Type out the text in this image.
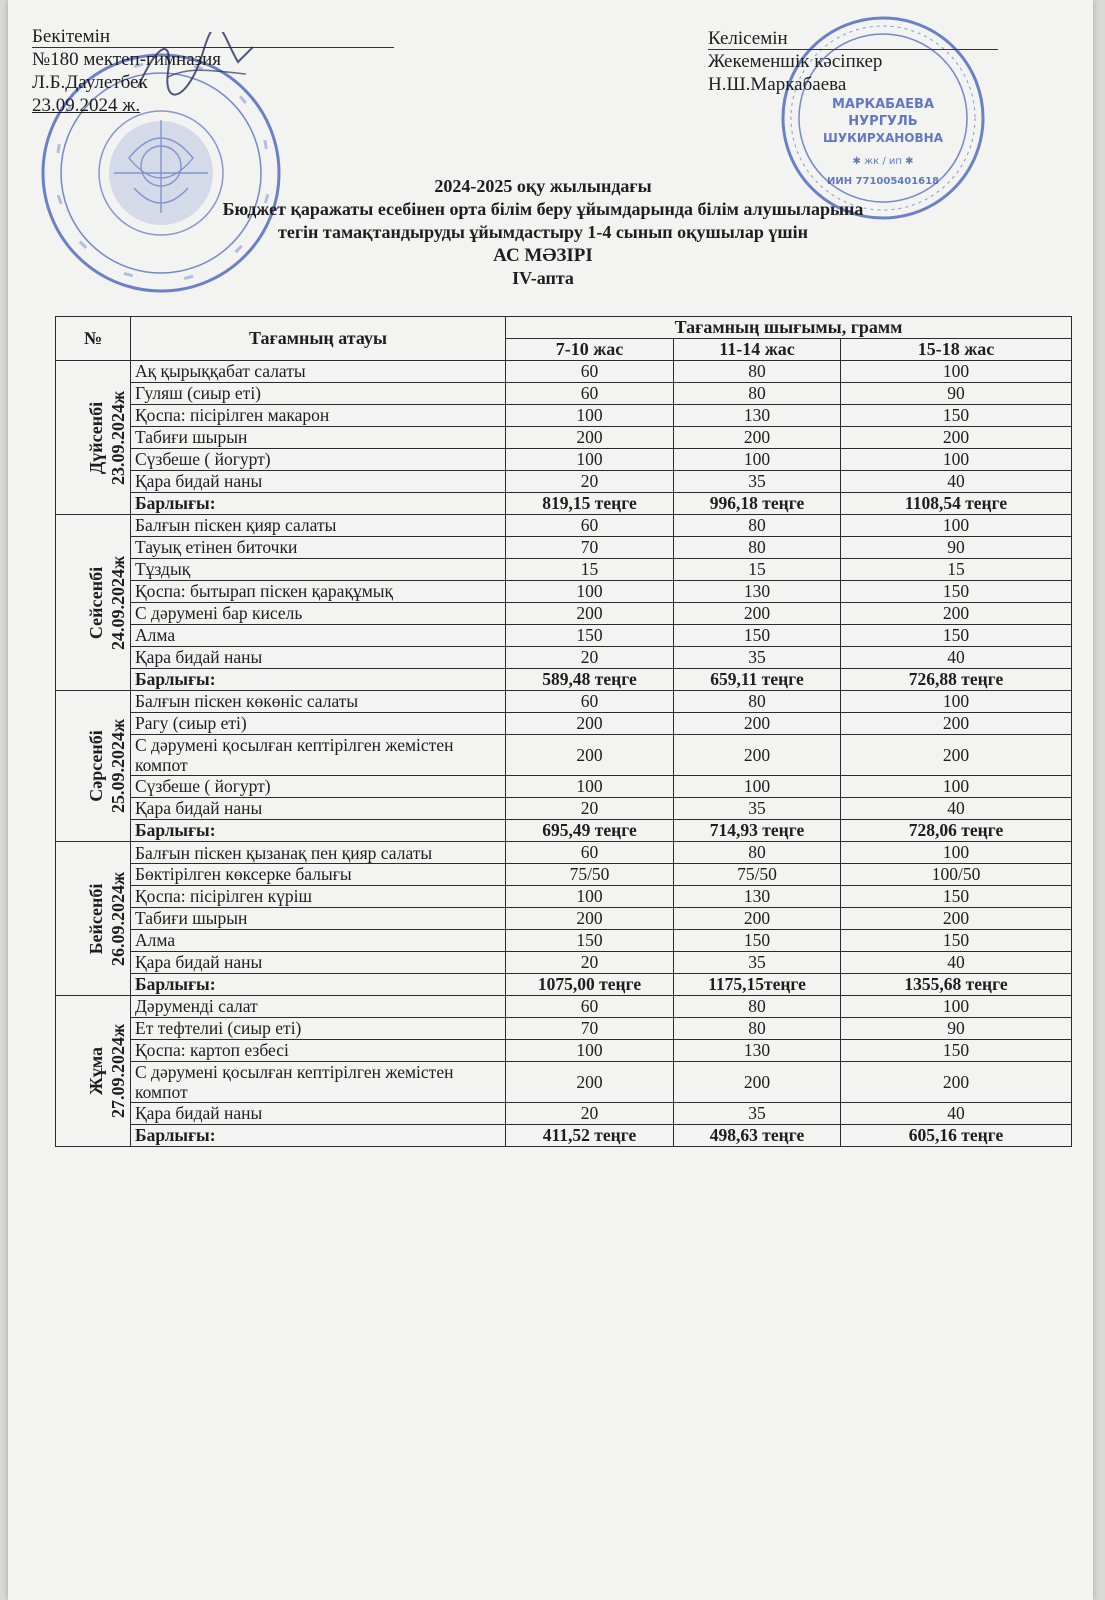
Бекітемін
№180 мектеп-гимназия
Л.Б.Даулетбек
23.09.2024 ж.	МАРКАБАЕВА
НУРГУЛЬ
ШУКИРХАНОВНА
ИИН 771005401618
✱ жк / ип ✱
Келісемін
Жекеменшік кәсіпкер
Н.Ш.Маркабаева
2024-2025 оқу жылындағы
Бюджет қаражаты есебінен орта білім беру ұйымдарында білім алушыларына
тегін тамақтандыруды ұйымдастыру 1-4 сынып оқушылар үшін
АС МӘЗІРІ
IV-апта
№	Тағамның атауы	Тағамның шығымы, грамм		
		7-10 жас	11-14 жас	15-18 жас

Дүйсенбі 23.09.2024ж	Ақ қырыққабат салаты	60	80	100
	Гуляш (сиыр еті)	60	80	90
	Қоспа: пісірілген макарон	100	130	150
	Табиғи шырын	200	200	200
	Сүзбеше ( йогурт)	100	100	100
	Қара бидай наны	20	35	40
	Барлығы:	819,15 теңге	996,18 теңге	1108,54 теңге

Сейсенбі 24.09.2024ж	Балғын піскен қияр салаты	60	80	100
	Тауық етінен биточки	70	80	90
	Тұздық	15	15	15
	Қоспа: бытырап піскен қарақұмық	100	130	150
	С дәрумені бар кисель	200	200	200
	Алма	150	150	150
	Қара бидай наны	20	35	40
	Барлығы:	589,48 теңге	659,11 теңге	726,88 теңге

Сәрсенбі 25.09.2024ж	Балғын піскен көкөніс салаты	60	80	100
	Рагу (сиыр еті)	200	200	200
	С дәрумені қосылған кептірілген жемістен компот	200	200	200
	Сүзбеше ( йогурт)	100	100	100
	Қара бидай наны	20	35	40
	Барлығы:	695,49 теңге	714,93 теңге	728,06 теңге

Бейсенбі 26.09.2024ж	Балғын піскен қызанақ пен қияр салаты	60	80	100
	Бөктірілген көксерке балығы	75/50	75/50	100/50
	Қоспа: пісірілген күріш	100	130	150
	Табиғи шырын	200	200	200
	Алма	150	150	150
	Қара бидай наны	20	35	40
	Барлығы:	1075,00 теңге	1175,15теңге	1355,68 теңге

Жұма 27.09.2024ж	Дәруменді салат	60	80	100
	Ет тефтелиі (сиыр еті)	70	80	90
	Қоспа: картоп езбесі	100	130	150
	С дәрумені қосылған кептірілген жемістен компот	200	200	200
	Қара бидай наны	20	35	40
	Барлығы:	411,52 теңге	498,63 теңге	605,16 теңге
